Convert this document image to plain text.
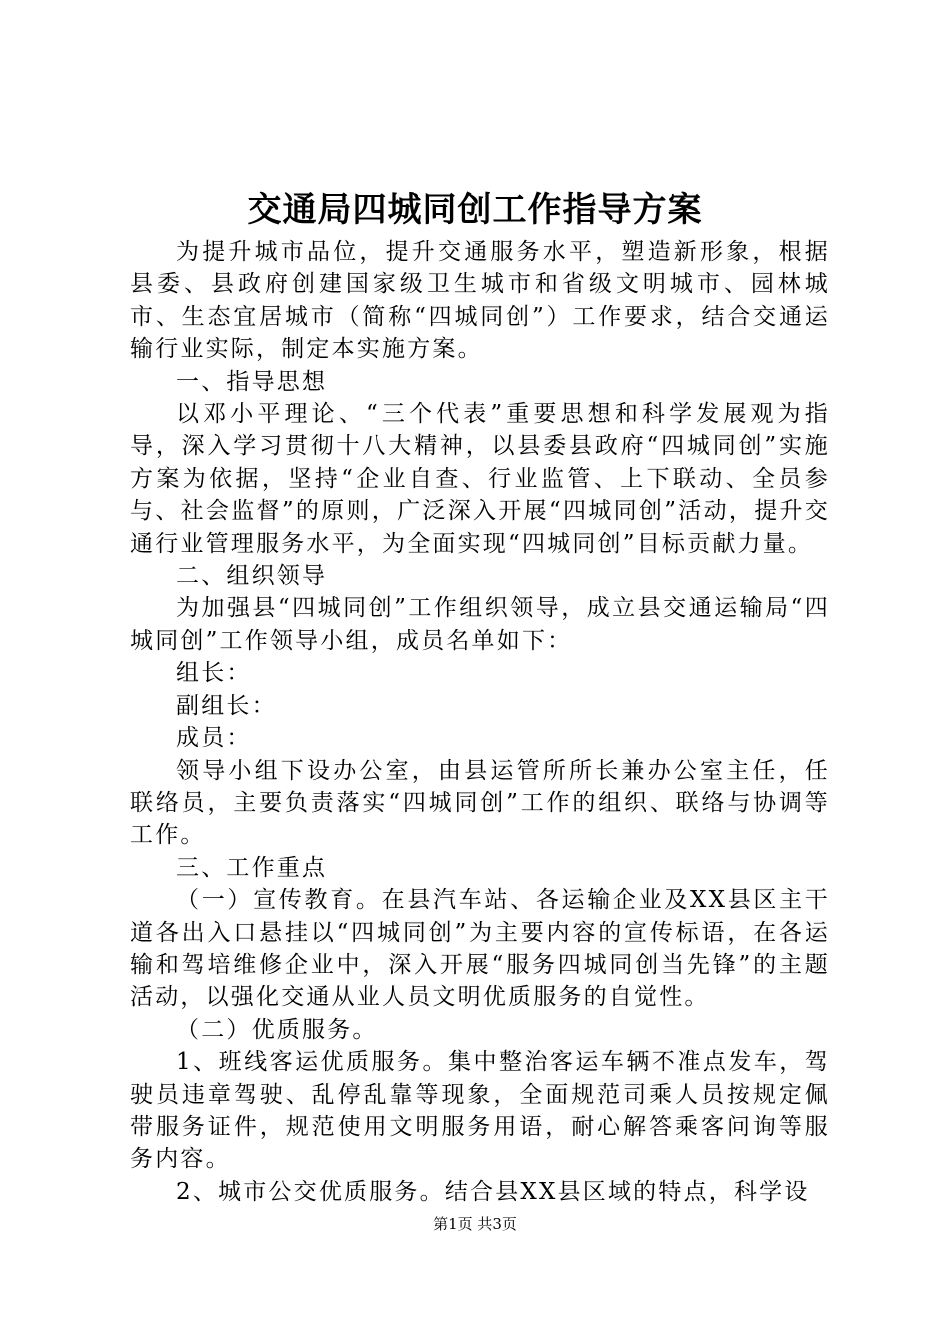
交通局四城同创工作指导方案

为提升城市品位，提升交通服务水平，塑造新形象，根据县委、县政府创建国家级卫生城市和省级文明城市、园林城市、生态宜居城市（简称“四城同创”）工作要求，结合交通运输行业实际，制定本实施方案。

一、指导思想

以邓小平理论、“三个代表”重要思想和科学发展观为指导，深入学习贯彻十八大精神，以县委县政府“四城同创”实施方案为依据，坚持“企业自查、行业监管、上下联动、全员参与、社会监督”的原则，广泛深入开展“四城同创”活动，提升交通行业管理服务水平，为全面实现“四城同创”目标贡献力量。

二、组织领导

为加强县“四城同创”工作组织领导，成立县交通运输局“四城同创”工作领导小组，成员名单如下：

组长：

副组长：

成员：

领导小组下设办公室，由县运管所所长兼办公室主任，任联络员，主要负责落实“四城同创”工作的组织、联络与协调等工作。

三、工作重点

（一）宣传教育。在县汽车站、各运输企业及XX县区主干道各出入口悬挂以“四城同创”为主要内容的宣传标语，在各运输和驾培维修企业中，深入开展“服务四城同创当先锋”的主题活动，以强化交通从业人员文明优质服务的自觉性。

（二）优质服务。

1、班线客运优质服务。集中整治客运车辆不准点发车，驾驶员违章驾驶、乱停乱靠等现象，全面规范司乘人员按规定佩带服务证件，规范使用文明服务用语，耐心解答乘客问询等服务内容。

2、城市公交优质服务。结合县XX县区域的特点，科学设

第1页 共3页
